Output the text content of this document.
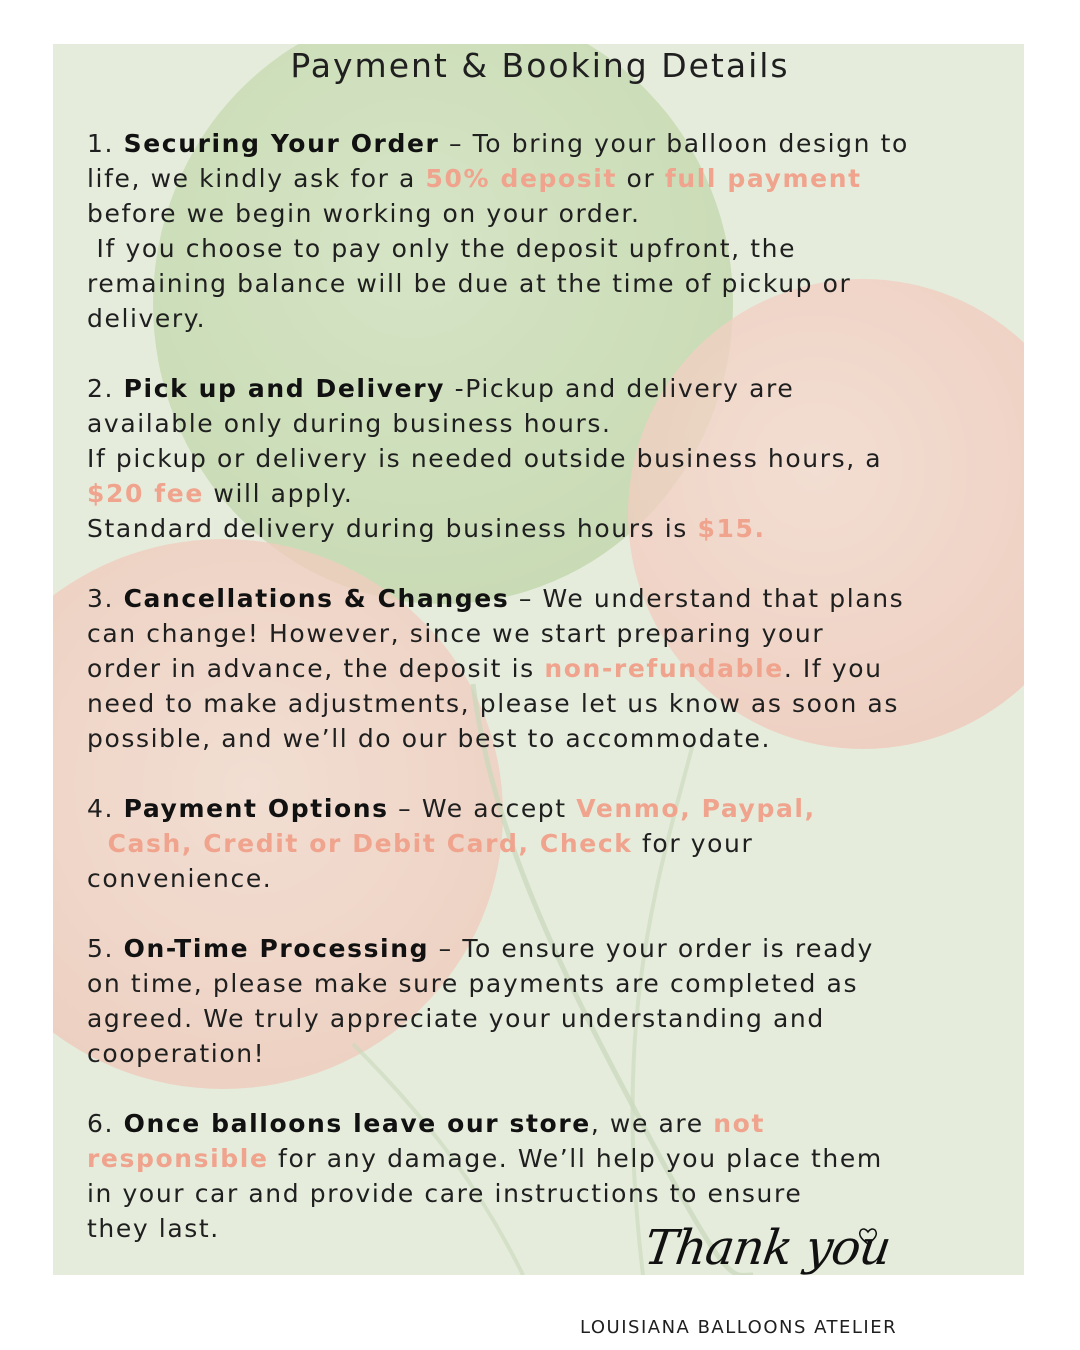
Payment & Booking Details
1. Securing Your Order – To bring your balloon design to
life, we kindly ask for a 50% deposit or full payment
before we begin working on your order.
If you choose to pay only the deposit upfront, the
remaining balance will be due at the time of pickup or
delivery.
2. Pick up and Delivery -Pickup and delivery are
available only during business hours.
If pickup or delivery is needed outside business hours, a
$20 fee will apply.
Standard delivery during business hours is $15.
3. Cancellations & Changes – We understand that plans
can change! However, since we start preparing your
order in advance, the deposit is non-refundable. If you
need to make adjustments, please let us know as soon as
possible, and we’ll do our best to accommodate.
4. Payment Options – We accept Venmo, Paypal,
Cash, Credit or Debit Card, Check for your
convenience.
5. On-Time Processing – To ensure your order is ready
on time, please make sure payments are completed as
agreed. We truly appreciate your understanding and
cooperation!
6. Once balloons leave our store, we are not
responsible for any damage. We’ll help you place them
in your car and provide care instructions to ensure
they last.	Thank you
LOUISIANA BALLOONS ATELIER
